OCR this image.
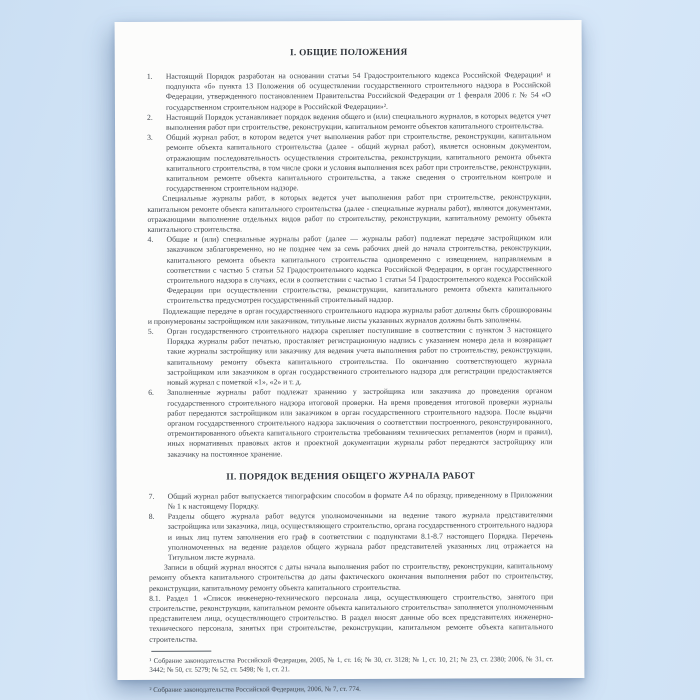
I. ОБЩИЕ ПОЛОЖЕНИЯ
1. Настоящий Порядок разработан на основании статьи 54 Градостроительного кодекса Российской Федерации¹ и подпункта «б» пункта 13 Положения об осуществлении государственного строительного надзора в Российской Федерации, утвержденного постановлением Правительства Российской Федерации от 1 февраля 2006 г. № 54 «О государственном строительном надзоре в Российской Федерации»².
2. Настоящий Порядок устанавливает порядок ведения общего и (или) специального журналов, в которых ведется учет выполнения работ при строительстве, реконструкции, капитальном ремонте объектов капитального строительства.
3. Общий журнал работ, в котором ведется учет выполнения работ при строительстве, реконструкции, капитальном ремонте объекта капитального строительства (далее - общий журнал работ), является основным документом, отражающим последовательность осуществления строительства, реконструкции, капитального ремонта объекта капитального строительства, в том числе сроки и условия выполнения всех работ при строительстве, реконструкции, капитальном ремонте объекта капитального строительства, а также сведения о строительном контроле и государственном строительном надзоре.

Специальные журналы работ, в которых ведется учет выполнения работ при строительстве, реконструкции, капитальном ремонте объекта капитального строительства (далее - специальные журналы работ), являются документами, отражающими выполнение отдельных видов работ по строительству, реконструкции, капитальному ремонту объекта капитального строительства.

4. Общие и (или) специальные журналы работ (далее — журналы работ) подлежат передаче застройщиком или заказчиком заблаговременно, но не позднее чем за семь рабочих дней до начала строительства, реконструкции, капитального ремонта объекта капитального строительства одновременно с извещением, направляемым в соответствии с частью 5 статьи 52 Градостроительного кодекса Российской Федерации, в орган государственного строительного надзора в случаях, если в соответствии с частью 1 статьи 54 Градостроительного кодекса Российской Федерации при осуществлении строительства, реконструкции, капитального ремонта объекта капитального строительства предусмотрен государственный строительный надзор.

Подлежащие передаче в орган государственного строительного надзора журналы работ должны быть сброшюрованы и пронумерованы застройщиком или заказчиком, титульные листы указанных журналов должны быть заполнены.

5. Орган государственного строительного надзора скрепляет поступившие в соответствии с пунктом 3 настоящего Порядка журналы работ печатью, проставляет регистрационную надпись с указанием номера дела и возвращает такие журналы застройщику или заказчику для ведения учета выполнения работ по строительству, реконструкции, капитальному ремонту объекта капитального строительства. По окончанию соответствующего журнала застройщиком или заказчиком в орган государственного строительного надзора для регистрации предоставляется новый журнал с пометкой «1», «2» и т. д.
6. Заполненные журналы работ подлежат хранению у застройщика или заказчика до проведения органом государственного строительного надзора итоговой проверки. На время проведения итоговой проверки журналы работ передаются застройщиком или заказчиком в орган государственного строительного надзора. После выдачи органом государственного строительного надзора заключения о соответствии построенного, реконструированного, отремонтированного объекта капитального строительства требованиям технических регламентов (норм и правил), иных нормативных правовых актов и проектной документации журналы работ передаются застройщику или заказчику на постоянное хранение.
II. ПОРЯДОК ВЕДЕНИЯ ОБЩЕГО ЖУРНАЛА РАБОТ
7. Общий журнал работ выпускается типографским способом в формате А4 по образцу, приведенному в Приложении № 1 к настоящему Порядку.
8. Разделы общего журнала работ ведутся уполномоченными на ведение такого журнала представителями застройщика или заказчика, лица, осуществляющего строительство, органа государственного строительного надзора и иных лиц путем заполнения его граф в соответствии с подпунктами 8.1-8.7 настоящего Порядка. Перечень уполномоченных на ведение разделов общего журнала работ представителей указанных лиц отражается на Титульном листе журнала.

Записи в общий журнал вносятся с даты начала выполнения работ по строительству, реконструкции, капитальному ремонту объекта капитального строительства до даты фактического окончания выполнения работ по строительству, реконструкции, капитальному ремонту объекта капитального строительства.

8.1. Раздел 1 «Список инженерно-технического персонала лица, осуществляющего строительство, занятого при строительстве, реконструкции, капитальном ремонте объекта капитального строительства» заполняется уполномоченным представителем лица, осуществляющего строительство. В раздел вносят данные обо всех представителях инженерно-технического персонала, занятых при строительстве, реконструкции, капитальном ремонте объекта капитального строительства.

¹ Собрание законодательства Российской Федерации, 2005, № 1, ст. 16; № 30, ст. 3128; № 1, ст. 10, 21; № 23, ст. 2380; 2006, № 31, ст. 3442; № 50, ст. 5279; № 52, ст. 5498; № 1, ст. 21.

² Собрание законодательства Российской Федерации, 2006, № 7, ст. 774.
